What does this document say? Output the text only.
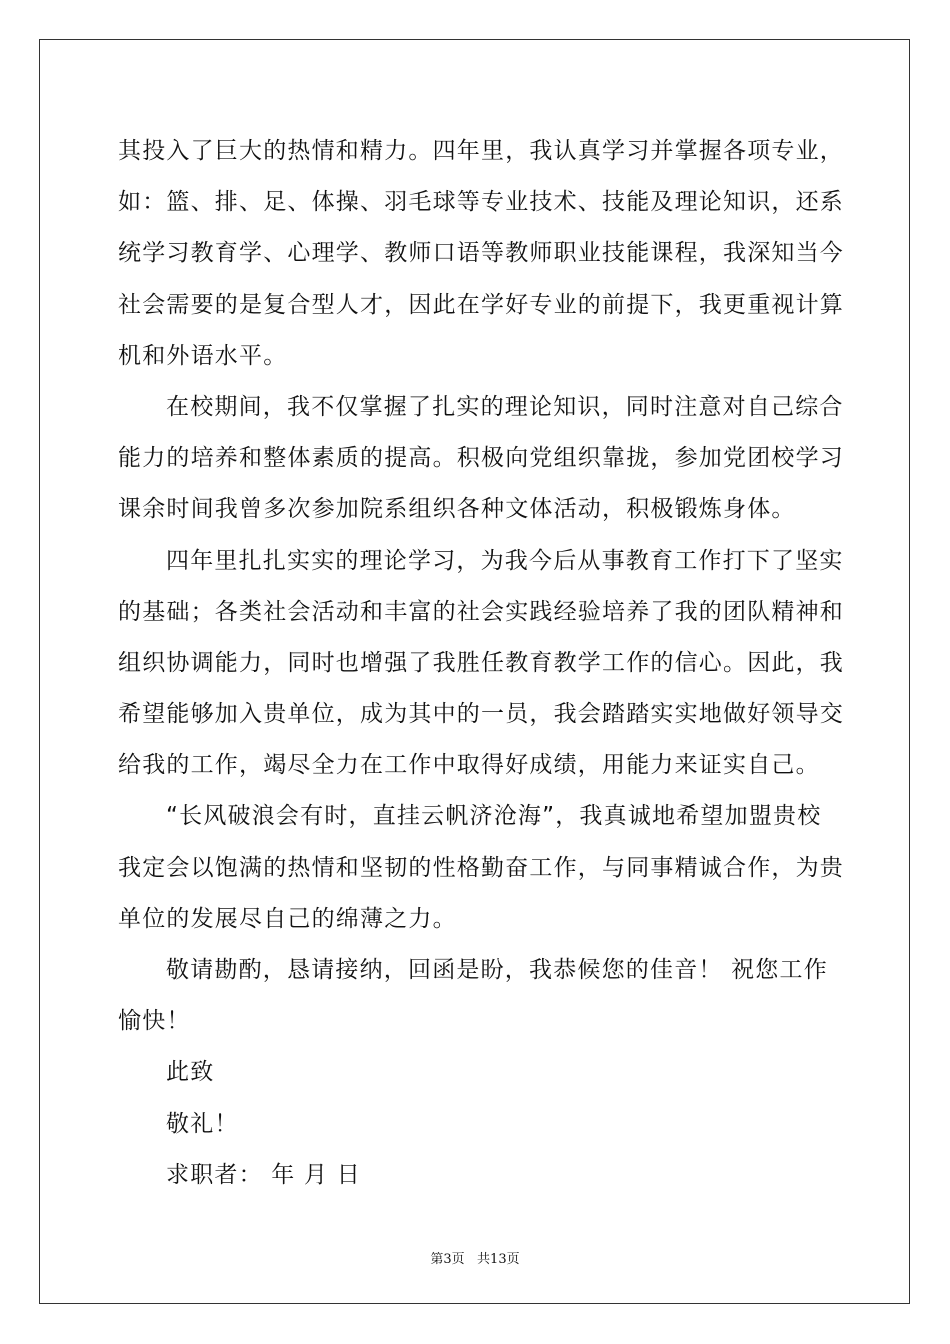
其投入了巨大的热情和精力。四年里，我认真学习并掌握各项专业，
如：篮、排、足、体操、羽毛球等专业技术、技能及理论知识，还系
统学习教育学、心理学、教师口语等教师职业技能课程，我深知当今
社会需要的是复合型人才，因此在学好专业的前提下，我更重视计算
机和外语水平。
在校期间，我不仅掌握了扎实的理论知识，同时注意对自己综合
能力的培养和整体素质的提高。积极向党组织靠拢，参加党团校学习
课余时间我曾多次参加院系组织各种文体活动，积极锻炼身体。
四年里扎扎实实的理论学习，为我今后从事教育工作打下了坚实
的基础；各类社会活动和丰富的社会实践经验培养了我的团队精神和
组织协调能力，同时也增强了我胜任教育教学工作的信心。因此，我
希望能够加入贵单位，成为其中的一员，我会踏踏实实地做好领导交
给我的工作，竭尽全力在工作中取得好成绩，用能力来证实自己。
“长风破浪会有时，直挂云帆济沧海”，我真诚地希望加盟贵校
我定会以饱满的热情和坚韧的性格勤奋工作，与同事精诚合作，为贵
单位的发展尽自己的绵薄之力。
敬请勘酌，恳请接纳，回函是盼，我恭候您的佳音！ 祝您工作
愉快！
此致
敬礼！
求职者： 年 月 日
第3页   共13页
